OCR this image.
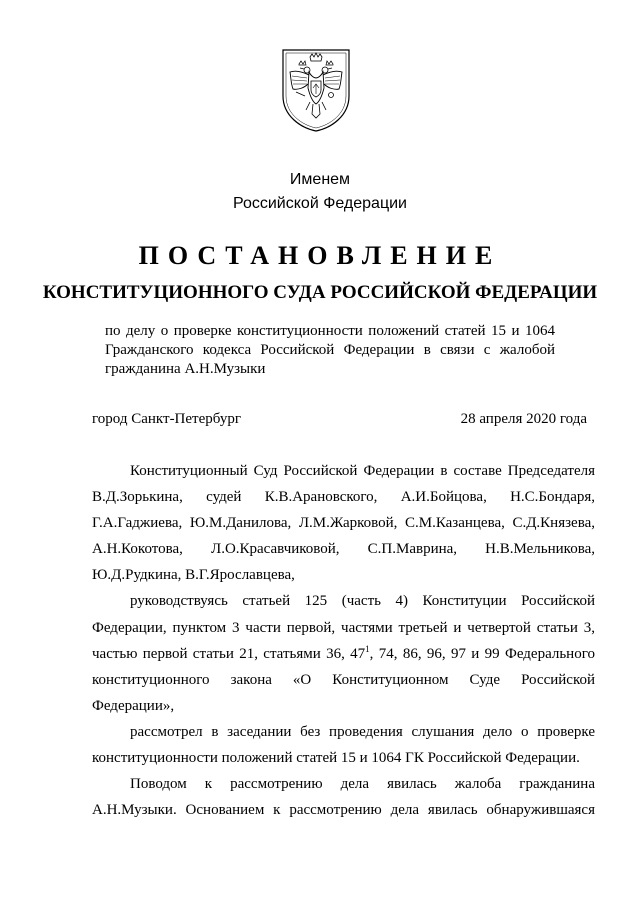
Именем
Российской Федерации
ПОСТАНОВЛЕНИЕ
КОНСТИТУЦИОННОГО СУДА РОССИЙСКОЙ ФЕДЕРАЦИИ
по делу о проверке конституционности положений статей 15 и 1064
Гражданского кодекса Российской Федерации в связи с жалобой
гражданина А.Н.Музыки
город Санкт-Петербург	28 апреля 2020 года
Конституционный Суд Российской Федерации в составе Председателя
В.Д.Зорькина, судей К.В.Арановского, А.И.Бойцова, Н.С.Бондаря,
Г.А.Гаджиева, Ю.М.Данилова, Л.М.Жарковой, С.М.Казанцева, С.Д.Князева,
А.Н.Кокотова, Л.О.Красавчиковой, С.П.Маврина, Н.В.Мельникова,
Ю.Д.Рудкина, В.Г.Ярославцева,
руководствуясь статьей 125 (часть 4) Конституции Российской
Федерации, пунктом 3 части первой, частями третьей и четвертой статьи 3,
частью первой статьи 21, статьями 36, $47^1$, 74, 86, 96, 97 и 99 Федерального
конституционного закона «О Конституционном Суде Российской
Федерации»,
рассмотрел в заседании без проведения слушания дело о проверке
конституционности положений статей 15 и 1064 ГК Российской Федерации.
Поводом к рассмотрению дела явилась жалоба гражданина
А.Н.Музыки. Основанием к рассмотрению дела явилась обнаружившаяся
